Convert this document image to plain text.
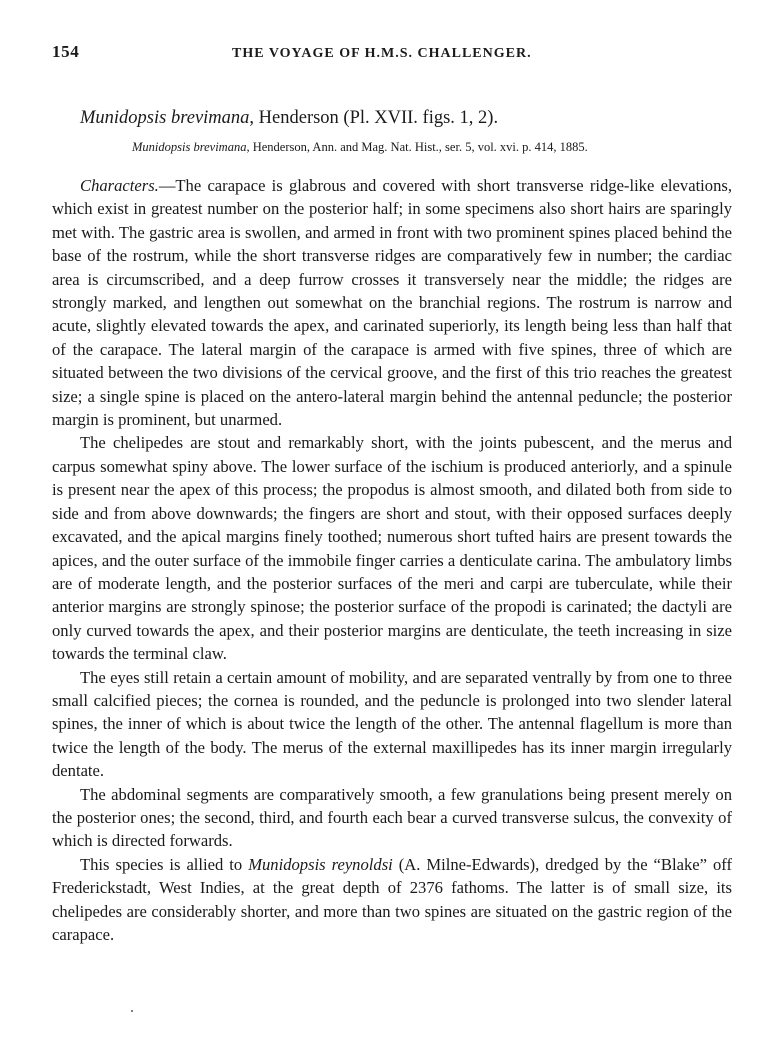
154	THE VOYAGE OF H.M.S. CHALLENGER.
Munidopsis brevimana, Henderson (Pl. XVII. figs. 1, 2).
Munidopsis brevimana, Henderson, Ann. and Mag. Nat. Hist., ser. 5, vol. xvi. p. 414, 1885.

Characters.—The carapace is glabrous and covered with short transverse ridge-like elevations, which exist in greatest number on the posterior half; in some specimens also short hairs are sparingly met with. The gastric area is swollen, and armed in front with two prominent spines placed behind the base of the rostrum, while the short transverse ridges are comparatively few in number; the cardiac area is circumscribed, and a deep furrow crosses it transversely near the middle; the ridges are strongly marked, and lengthen out somewhat on the branchial regions. The rostrum is narrow and acute, slightly elevated towards the apex, and carinated superiorly, its length being less than half that of the carapace. The lateral margin of the carapace is armed with five spines, three of which are situated between the two divisions of the cervical groove, and the first of this trio reaches the greatest size; a single spine is placed on the antero-lateral margin behind the antennal peduncle; the posterior margin is prominent, but unarmed.

The chelipedes are stout and remarkably short, with the joints pubescent, and the merus and carpus somewhat spiny above. The lower surface of the ischium is produced anteriorly, and a spinule is present near the apex of this process; the propodus is almost smooth, and dilated both from side to side and from above downwards; the fingers are short and stout, with their opposed surfaces deeply excavated, and the apical margins finely toothed; numerous short tufted hairs are present towards the apices, and the outer surface of the immobile finger carries a denticulate carina. The ambulatory limbs are of moderate length, and the posterior surfaces of the meri and carpi are tuberculate, while their anterior margins are strongly spinose; the posterior surface of the propodi is carinated; the dactyli are only curved towards the apex, and their posterior margins are denticulate, the teeth increasing in size towards the terminal claw.

The eyes still retain a certain amount of mobility, and are separated ventrally by from one to three small calcified pieces; the cornea is rounded, and the peduncle is prolonged into two slender lateral spines, the inner of which is about twice the length of the other. The antennal flagellum is more than twice the length of the body. The merus of the external maxillipedes has its inner margin irregularly dentate.

The abdominal segments are comparatively smooth, a few granulations being present merely on the posterior ones; the second, third, and fourth each bear a curved transverse sulcus, the convexity of which is directed forwards.

This species is allied to Munidopsis reynoldsi (A. Milne-Edwards), dredged by the “Blake” off Frederickstadt, West Indies, at the great depth of 2376 fathoms. The latter is of small size, its chelipedes are considerably shorter, and more than two spines are situated on the gastric region of the carapace.
